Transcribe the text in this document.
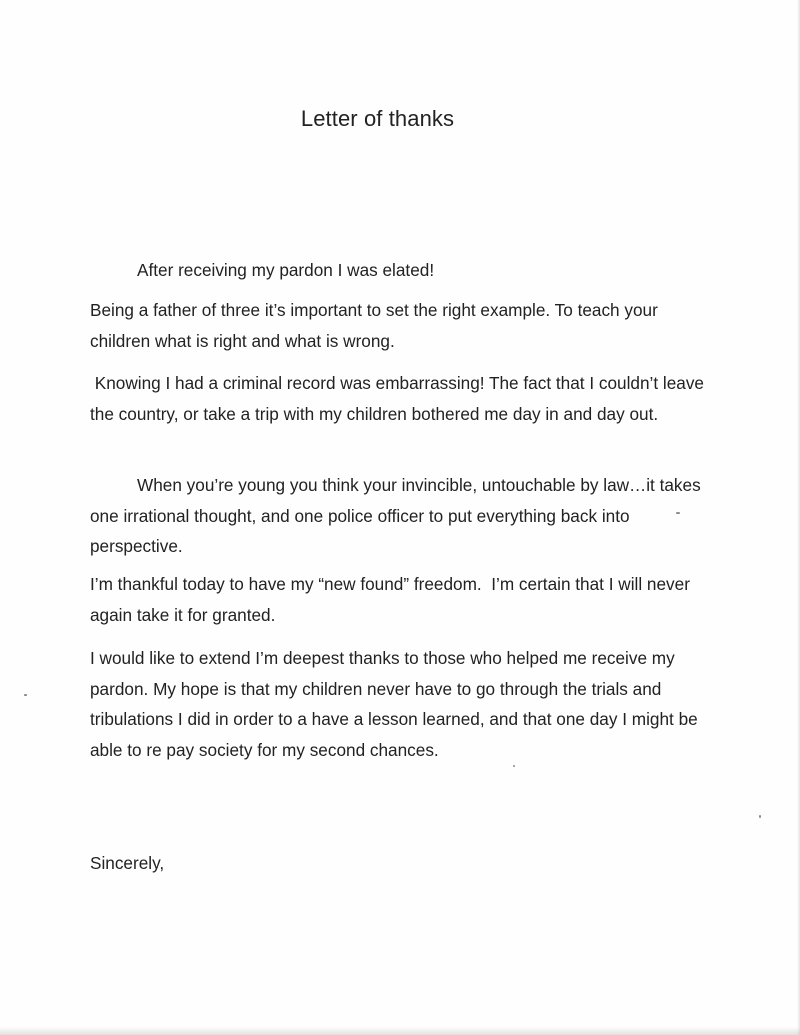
Letter of thanks

After receiving my pardon I was elated!

Being a father of three it’s important to set the right example. To teach your children what is right and what is wrong.

Knowing I had a criminal record was embarrassing! The fact that I couldn’t leave the country, or take a trip with my children bothered me day in and day out.

When you’re young you think your invincible, untouchable by law…it takes one irrational thought, and one police officer to put everything back into perspective.

I’m thankful today to have my “new found” freedom.  I’m certain that I will never again take it for granted.

I would like to extend I’m deepest thanks to those who helped me receive my pardon. My hope is that my children never have to go through the trials and tribulations I did in order to a have a lesson learned, and that one day I might be able to re pay society for my second chances.

Sincerely,
